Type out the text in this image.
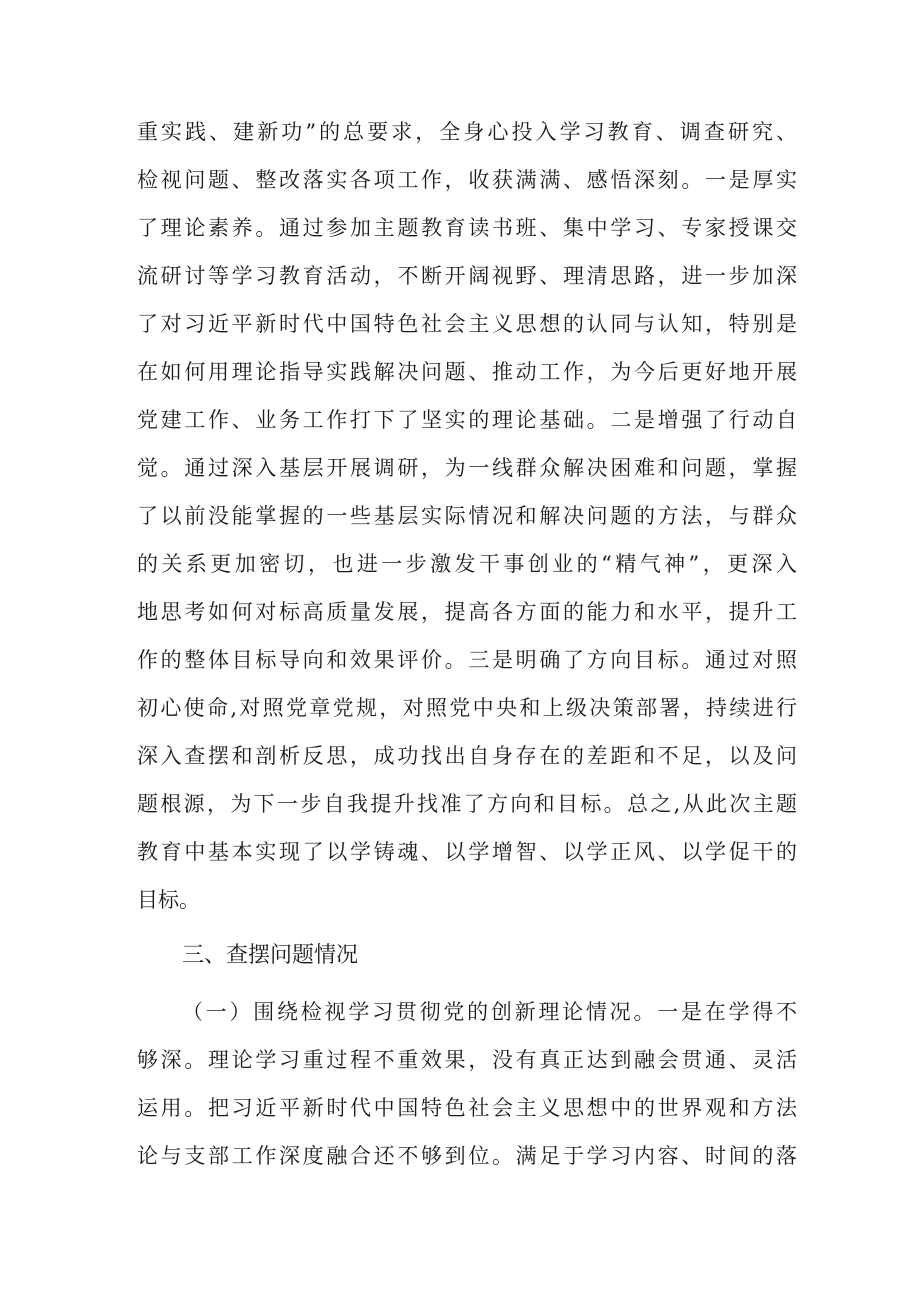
重实践、建新功”的总要求，全身心投入学习教育、调查研究、
检视问题、整改落实各项工作，收获满满、感悟深刻。一是厚实
了理论素养。通过参加主题教育读书班、集中学习、专家授课交
流研讨等学习教育活动，不断开阔视野、理清思路，进一步加深
了对习近平新时代中国特色社会主义思想的认同与认知，特别是
在如何用理论指导实践解决问题、推动工作，为今后更好地开展
党建工作、业务工作打下了坚实的理论基础。二是增强了行动自
觉。通过深入基层开展调研，为一线群众解决困难和问题，掌握
了以前没能掌握的一些基层实际情况和解决问题的方法，与群众
的关系更加密切，也进一步激发干事创业的“精气神”，更深入
地思考如何对标高质量发展，提高各方面的能力和水平，提升工
作的整体目标导向和效果评价。三是明确了方向目标。通过对照
初心使命,对照党章党规，对照党中央和上级决策部署，持续进行
深入查摆和剖析反思，成功找出自身存在的差距和不足，以及问
题根源，为下一步自我提升找准了方向和目标。总之,从此次主题
教育中基本实现了以学铸魂、以学增智、以学正风、以学促干的
目标。
三、查摆问题情况
（一）围绕检视学习贯彻党的创新理论情况。一是在学得不
够深。理论学习重过程不重效果，没有真正达到融会贯通、灵活
运用。把习近平新时代中国特色社会主义思想中的世界观和方法
论与支部工作深度融合还不够到位。满足于学习内容、时间的落
